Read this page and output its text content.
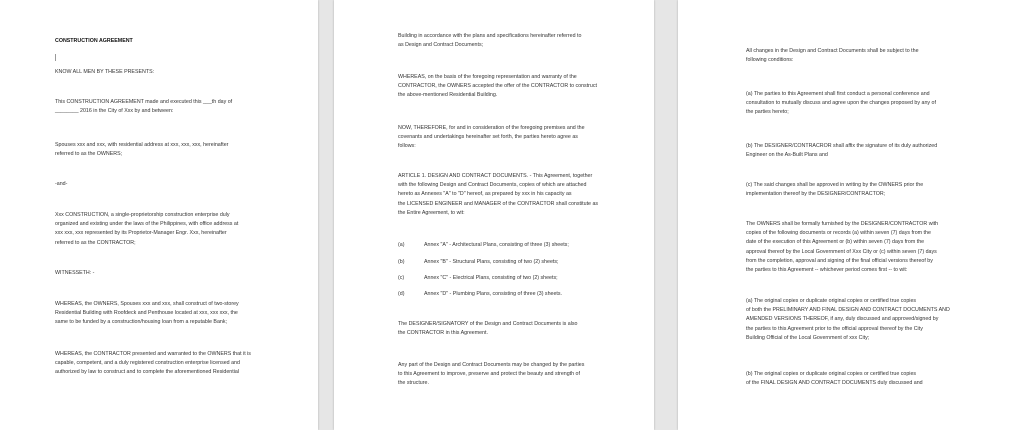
CONSTRUCTION AGREEMENT

KNOW ALL MEN BY THESE PRESENTS:

This CONSTRUCTION AGREEMENT made and executed this ___th day of
________ 2016 in the City of Xxx by and between:

Spouses xxx and xxx, with residential address at xxx, xxx, xxx, hereinafter
referred to as the OWNERS;

-and-

Xxx CONSTRUCTION, a single-proprietorship construction enterprise duly
organized and existing under the laws of the Philippines, with office address at
xxx xxx, xxx represented by its Proprietor-Manager Engr. Xxx, hereinafter
referred to as the CONTRACTOR;

WITNESSETH: -

WHEREAS, the OWNERS, Spouses xxx and xxx, shall construct of two-storey
Residential Building with Roofdeck and Penthouse located at xxx, xxx xxx, the
same to be funded by a construction/housing loan from a reputable Bank;

WHEREAS, the CONTRACTOR presented and warranted to the OWNERS that it is
capable, competent, and a duly registered construction enterprise licensed and
authorized by law to construct and to complete the aforementioned Residential

Building in accordance with the plans and specifications hereinafter referred to
as Design and Contract Documents;

WHEREAS, on the basis of the foregoing representation and warranty of the
CONTRACTOR, the OWNERS accepted the offer of the CONTRACTOR to construct
the above-mentioned Residential Building.

NOW, THEREFORE, for and in consideration of the foregoing premises and the
covenants and undertakings hereinafter set forth, the parties hereto agree as
follows:

ARTICLE 1. DESIGN AND CONTRACT DOCUMENTS. - This Agreement, together
with the following Design and Contract Documents, copies of which are attached
hereto as Annexes "A" to "D" hereof, as prepared by xxx in his capacity as
the LICENSED ENGINEER and MANAGER of the CONTRACTOR shall constitute as
the Entire Agreement, to wit:

(a)	Annex "A" - Architectural Plans, consisting of three (3) sheets;
(b)	Annex "B" - Structural Plans, consisting of two (2) sheets;
(c)	Annex "C" - Electrical Plans, consisting of two (2) sheets;
(d)	Annex "D" - Plumbing Plans, consisting of three (3) sheets.

The DESIGNER/SIGNATORY of the Design and Contract Documents is also
the CONTRACTOR in this Agreement.

Any part of the Design and Contract Documents may be changed by the parties
to this Agreement to improve, preserve and protect the beauty and strength of
the structure.

All changes in the Design and Contract Documents shall be subject to the
following conditions:

(a) The parties to this Agreement shall first conduct a personal conference and
consultation to mutually discuss and agree upon the changes proposed by any of
the parties hereto;

(b) The DESIGNER/CONTRACROR shall affix the signature of its duly authorized
Engineer on the As-Built Plans and

(c) The said changes shall be approved in writing by the OWNERS prior the
implementation thereof by the DESIGNER/CONTRACTOR;

The OWNERS shall be formally furnished by the DESIGNER/CONTRACTOR with
copies of the following documents or records (a) within seven (7) days from the
date of the execution of this Agreement or (b) within seven (7) days from the
approval thereof by the Local Government of Xxx City or (c) within seven (7) days
from the completion, approval and signing of the final official versions thereof by
the parties to this Agreement -- whichever period comes first -- to wit:

(a) The original copies or duplicate original copies or certified true copies
of both the PRELIMINARY AND FINAL DESIGN AND CONTRACT DOCUMENTS AND
AMENDED VERSIONS THEREOF, if any, duly discussed and approved/signed by
the parties to this Agreement prior to the official approval thereof by the City
Building Official of the Local Government of xxx City;

(b) The original copies or duplicate original copies or certified true copies
of the FINAL DESIGN AND CONTRACT DOCUMENTS duly discussed and
